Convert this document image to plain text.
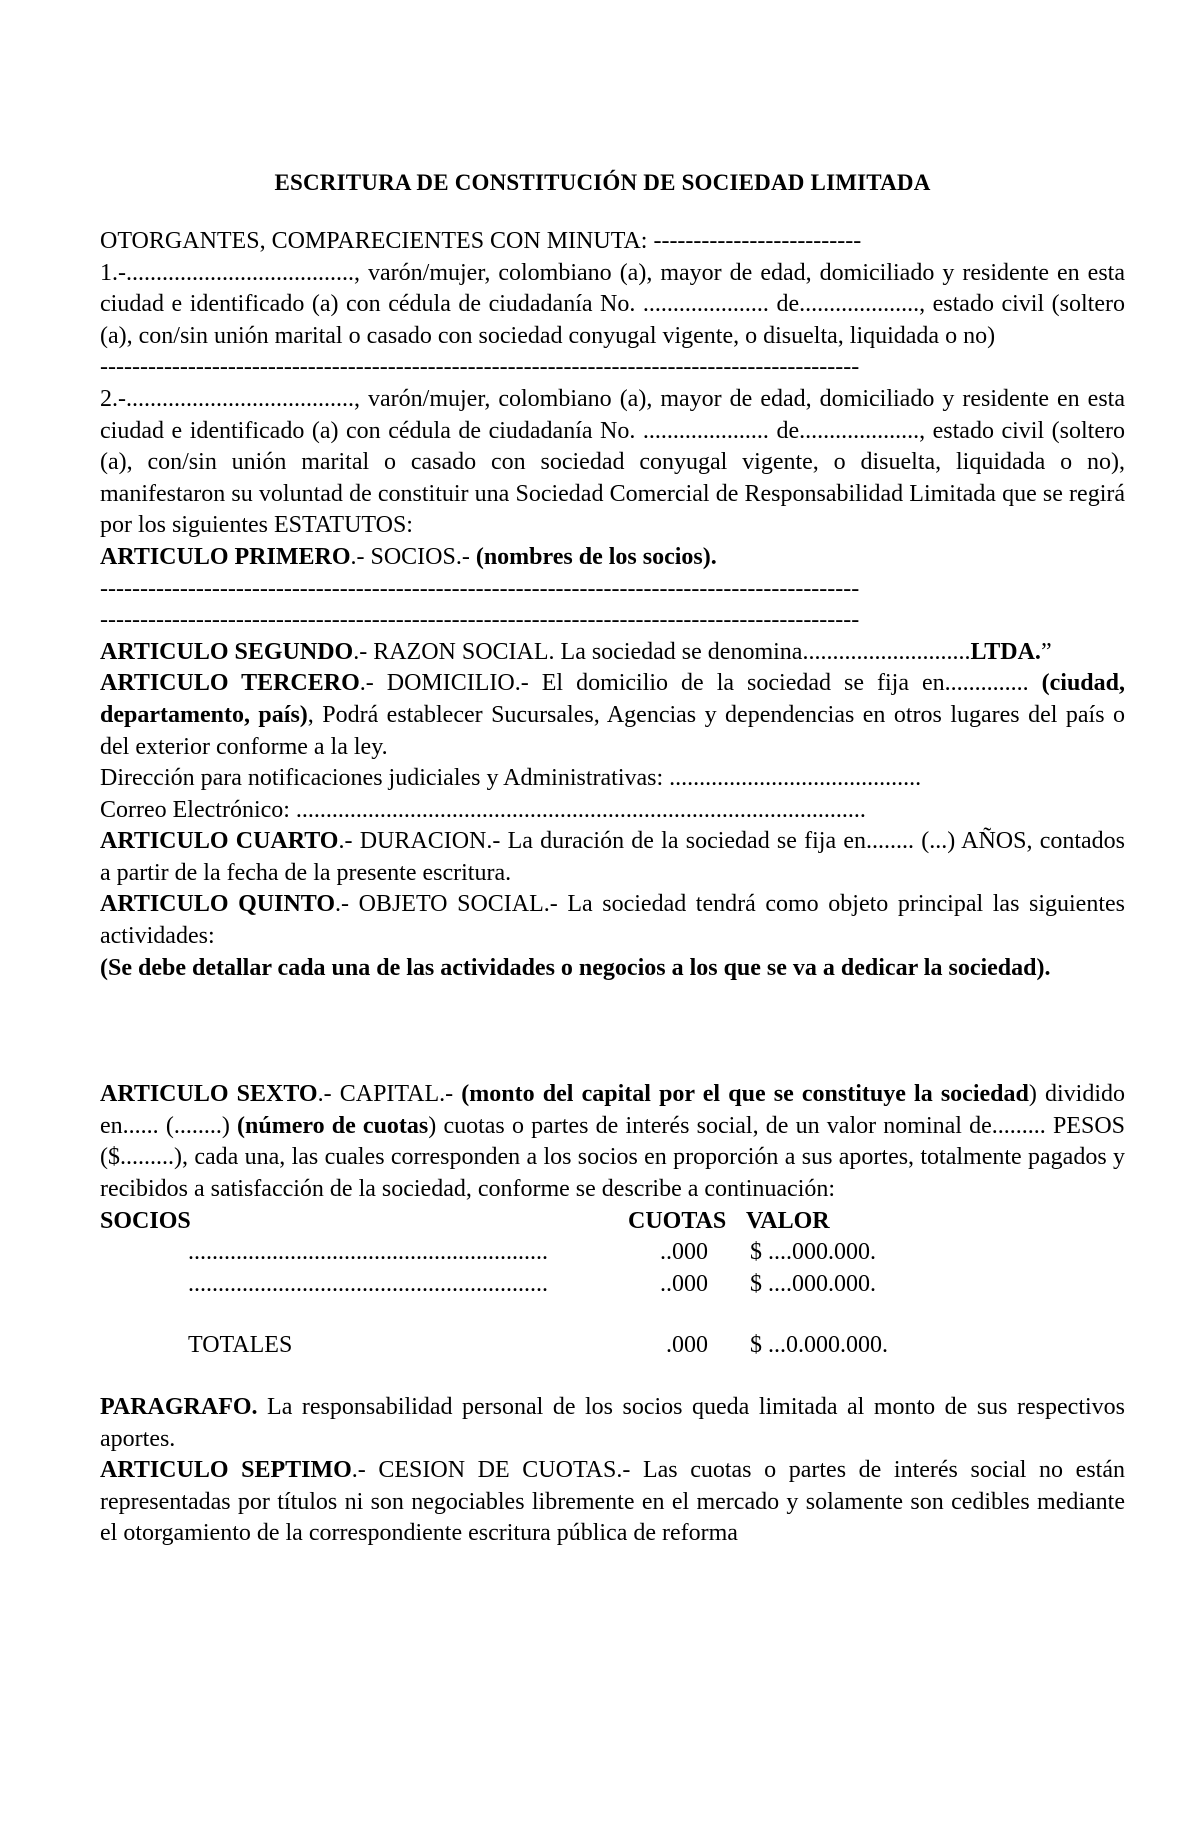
ESCRITURA DE CONSTITUCIÓN DE SOCIEDAD LIMITADA

OTORGANTES, COMPARECIENTES CON MINUTA: --------------------------

1.-......................................, varón/mujer, colombiano (a), mayor de edad, domiciliado y residente en esta ciudad e identificado (a) con cédula de ciudadanía No. ..................... de...................., estado civil (soltero (a), con/sin unión marital o casado con sociedad conyugal vigente, o disuelta, liquidada o no)

-----------------------------------------------------------------------------------------------

2.-......................................, varón/mujer, colombiano (a), mayor de edad, domiciliado y residente en esta ciudad e identificado (a) con cédula de ciudadanía No. ..................... de...................., estado civil (soltero (a), con/sin unión marital o casado con sociedad conyugal vigente, o disuelta, liquidada o no), manifestaron su voluntad de constituir una Sociedad Comercial de Responsabilidad Limitada que se regirá por los siguientes ESTATUTOS:

ARTICULO PRIMERO.- SOCIOS.- (nombres de los socios).

-----------------------------------------------------------------------------------------------

-----------------------------------------------------------------------------------------------

ARTICULO SEGUNDO.- RAZON SOCIAL. La sociedad se denomina............................LTDA.”

ARTICULO TERCERO.- DOMICILIO.- El domicilio de la sociedad se fija en.............. (ciudad, departamento, país), Podrá establecer Sucursales, Agencias y dependencias en otros lugares del país o del exterior conforme a la ley.

Dirección para notificaciones judiciales y Administrativas: ..........................................

Correo Electrónico: ...............................................................................................

ARTICULO CUARTO.- DURACION.- La duración de la sociedad se fija en........ (...) AÑOS, contados a partir de la fecha de la presente escritura.

ARTICULO QUINTO.- OBJETO SOCIAL.- La sociedad tendrá como objeto principal las siguientes actividades:

(Se debe detallar cada una de las actividades o negocios a los que se va a dedicar la sociedad).

ARTICULO SEXTO.- CAPITAL.- (monto del capital por el que se constituye la sociedad) dividido en...... (........) (número de cuotas) cuotas o partes de interés social, de un valor nominal de......... PESOS ($.........), cada una, las cuales corresponden a los socios en proporción a sus aportes, totalmente pagados y recibidos a satisfacción de la sociedad, conforme se describe a continuación:

SOCIOS	CUOTAS VALOR
............................................................	..000	$ ....000.000.
............................................................	..000	$ ....000.000.
TOTALES	.000	$ ...0.000.000.

PARAGRAFO. La responsabilidad personal de los socios queda limitada al monto de sus respectivos aportes.

ARTICULO SEPTIMO.- CESION DE CUOTAS.- Las cuotas o partes de interés social no están representadas por títulos ni son negociables libremente en el mercado y solamente son cedibles mediante el otorgamiento de la correspondiente escritura pública de reforma
